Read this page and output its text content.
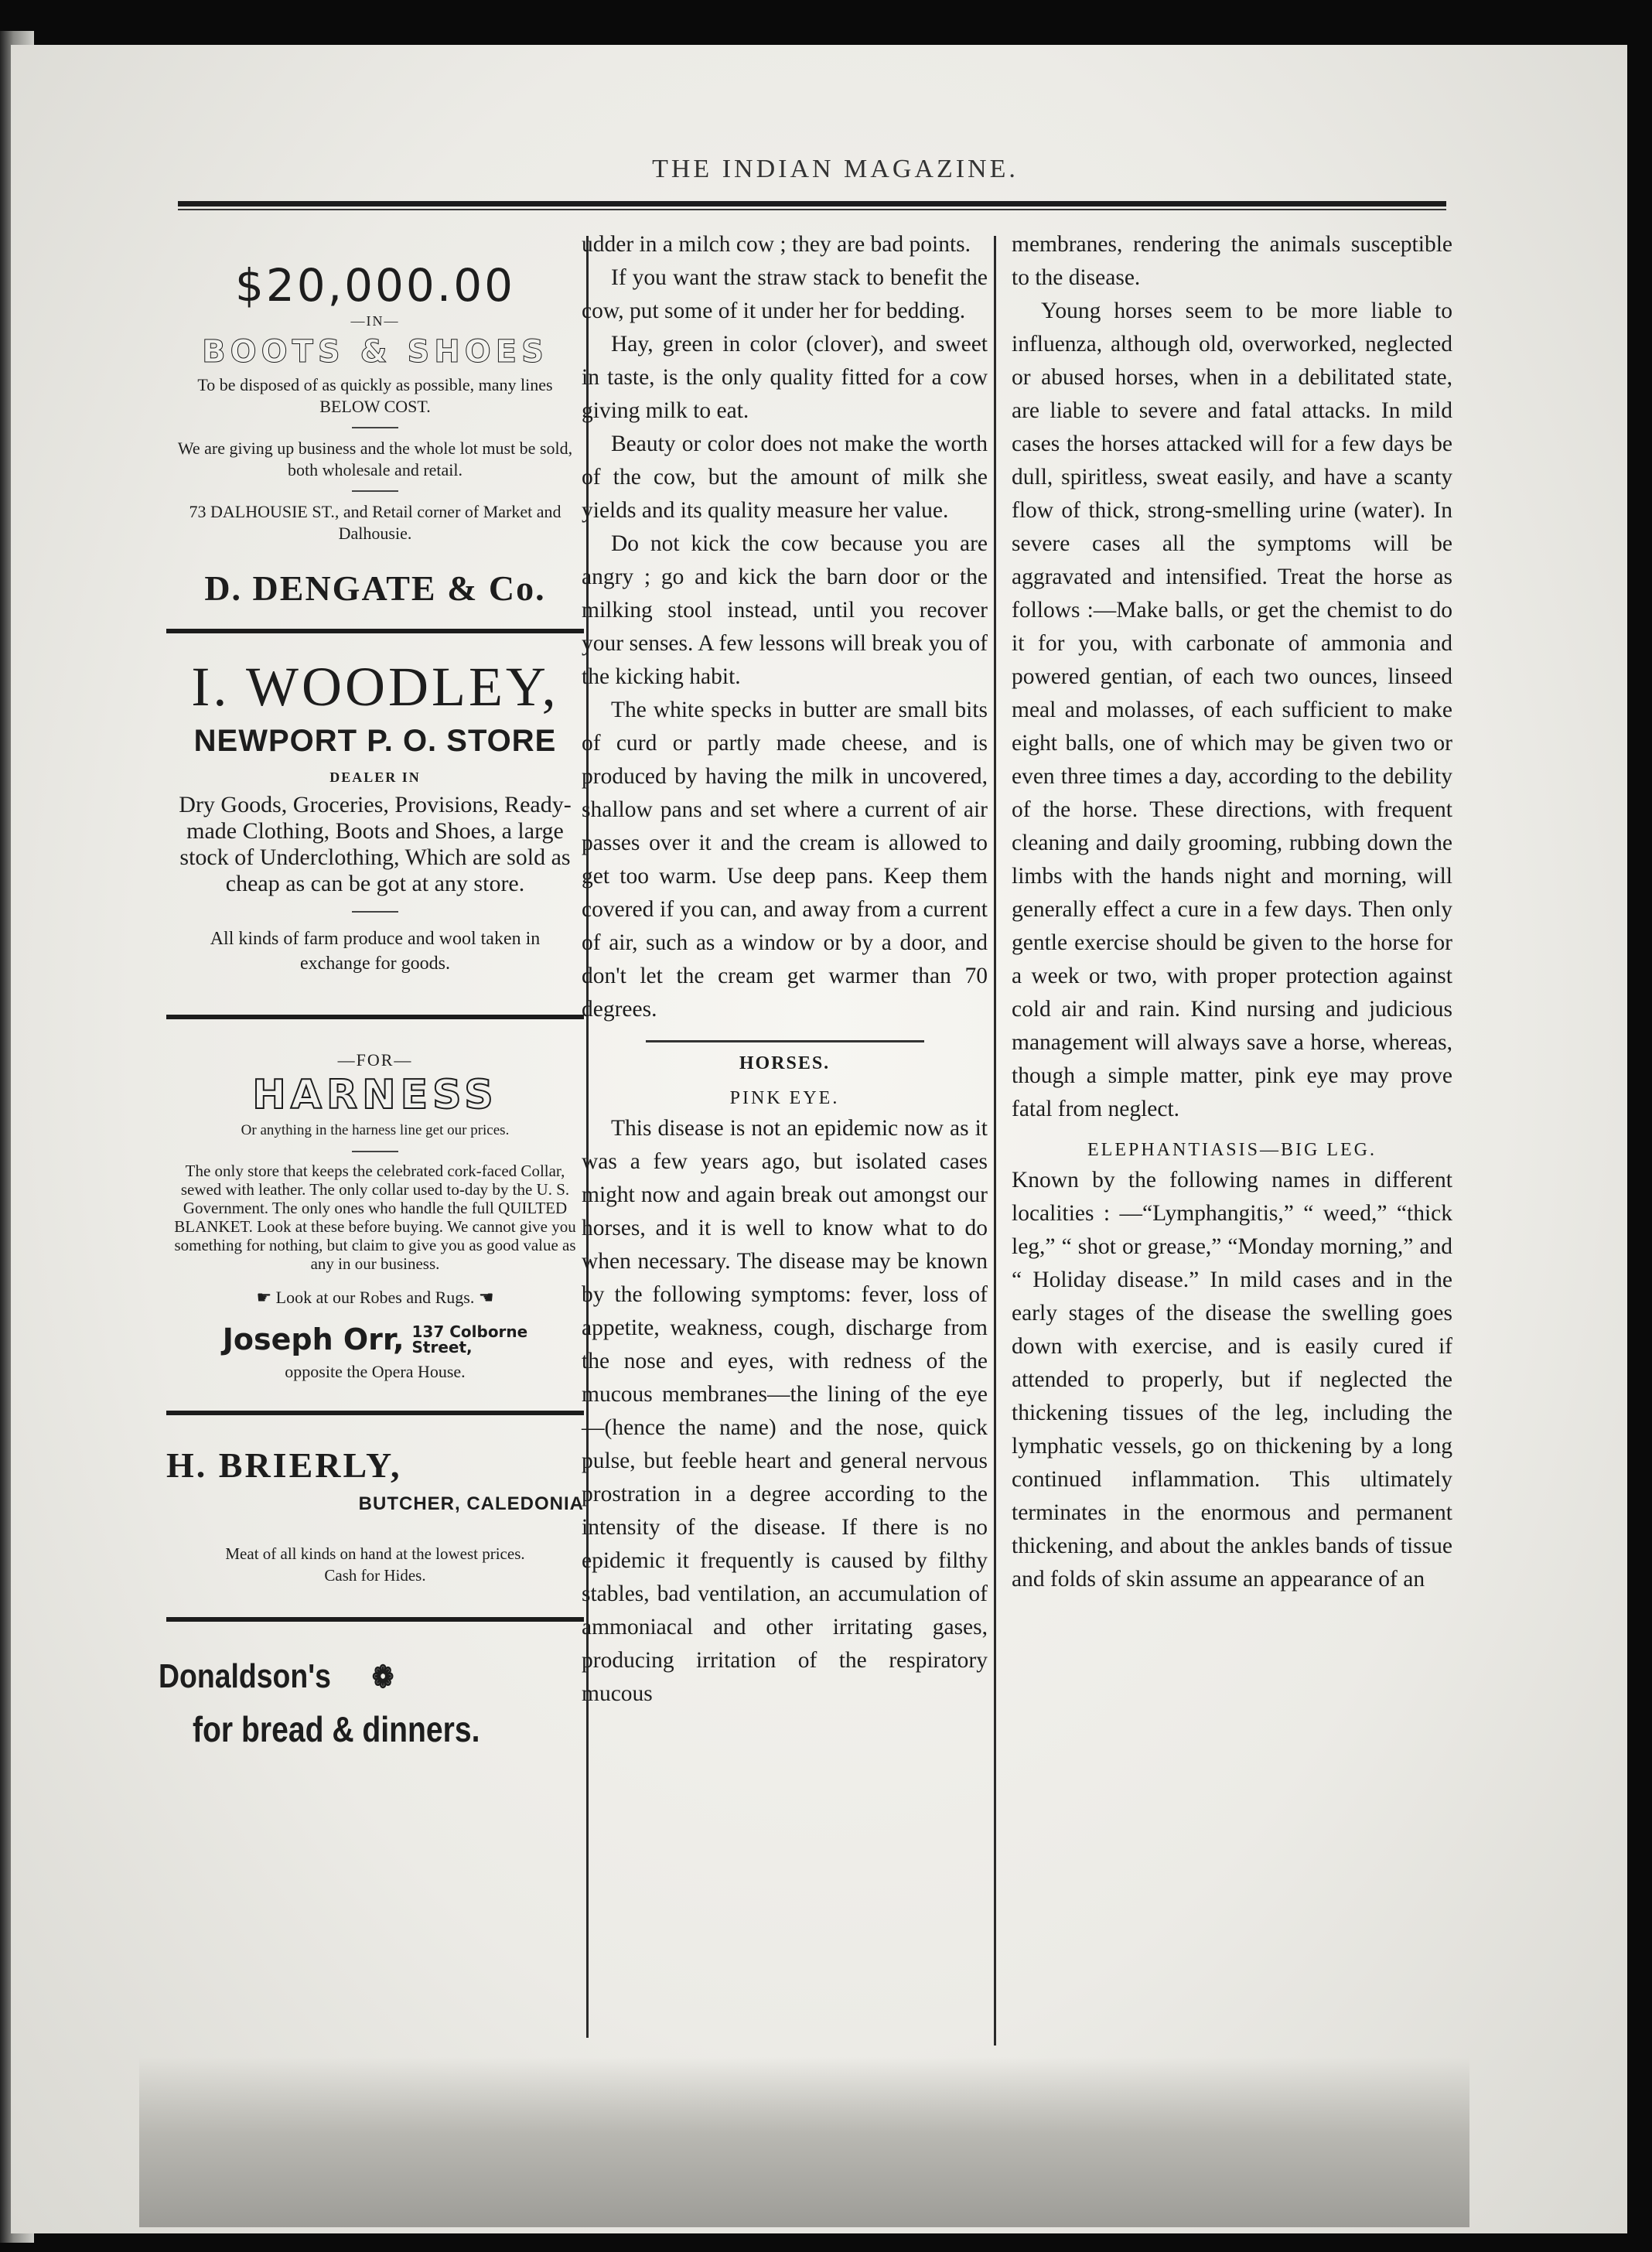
THE INDIAN MAGAZINE.
$20,000.00
—IN—
BOOTS & SHOES
To be disposed of as quickly as possible, many lines BELOW COST.
We are giving up business and the whole lot must be sold, both wholesale and retail.
73 DALHOUSIE ST., and Retail corner of Market and Dalhousie.
D. DENGATE & Co.
I. WOODLEY,
NEWPORT P. O. STORE
DEALER IN
Dry Goods, Groceries, Provisions, Ready-made Clothing, Boots and Shoes, a large stock of Underclothing, Which are sold as cheap as can be got at any store.
All kinds of farm produce and wool taken in exchange for goods.
—FOR—
HARNESS
Or anything in the harness line get our prices.
The only store that keeps the celebrated cork-faced Collar, sewed with leather. The only collar used to-day by the U. S. Government. The only ones who handle the full QUILTED BLANKET. Look at these before buying. We cannot give you something for nothing, but claim to give you as good value as any in our business.
☛ Look at our Robes and Rugs. ☚
Joseph Orr, 137 Colborne
Street,
opposite the Opera House.
H. BRIERLY,
BUTCHER, CALEDONIA
Meat of all kinds on hand at the lowest prices.
Cash for Hides.
Donaldson's ❁
for bread & dinners.

udder in a milch cow ; they are bad points.

If you want the straw stack to benefit the cow, put some of it under her for bedding.

Hay, green in color (clover), and sweet in taste, is the only quality fitted for a cow giving milk to eat.

Beauty or color does not make the worth of the cow, but the amount of milk she yields and its quality measure her value.

Do not kick the cow because you are angry ; go and kick the barn door or the milking stool instead, until you recover your senses. A few lessons will break you of the kicking habit.

The white specks in butter are small bits of curd or partly made cheese, and is produced by having the milk in uncovered, shallow pans and set where a current of air passes over it and the cream is allowed to get too warm. Use deep pans. Keep them covered if you can, and away from a current of air, such as a window or by a door, and don't let the cream get warmer than 70 degrees.

HORSES.
PINK EYE.

This disease is not an epidemic now as it was a few years ago, but isolated cases might now and again break out amongst our horses, and it is well to know what to do when necessary. The disease may be known by the following symptoms: fever, loss of appetite, weakness, cough, discharge from the nose and eyes, with redness of the mucous membranes—the lining of the eye —(hence the name) and the nose, quick pulse, but feeble heart and general nervous prostration in a degree according to the intensity of the disease. If there is no epidemic it frequently is caused by filthy stables, bad ventilation, an accumulation of ammoniacal and other irritating gases, producing irritation of the respiratory mucous

membranes, rendering the animals susceptible to the disease.

Young horses seem to be more liable to influenza, although old, overworked, neglected or abused horses, when in a debilitated state, are liable to severe and fatal attacks. In mild cases the horses attacked will for a few days be dull, spiritless, sweat easily, and have a scanty flow of thick, strong-smelling urine (water). In severe cases all the symptoms will be aggravated and intensified. Treat the horse as follows :—Make balls, or get the chemist to do it for you, with carbonate of ammonia and powered gentian, of each two ounces, linseed meal and molasses, of each sufficient to make eight balls, one of which may be given two or even three times a day, according to the debility of the horse. These directions, with frequent cleaning and daily grooming, rubbing down the limbs with the hands night and morning, will generally effect a cure in a few days. Then only gentle exercise should be given to the horse for a week or two, with proper protection against cold air and rain. Kind nursing and judicious management will always save a horse, whereas, though a simple matter, pink eye may prove fatal from neglect.

ELEPHANTIASIS—BIG LEG.

Known by the following names in different localities : —“Lymphangitis,” “ weed,” “thick leg,” “ shot or grease,” “Monday morning,” and “ Holiday disease.” In mild cases and in the early stages of the disease the swelling goes down with exercise, and is easily cured if attended to properly, but if neglected the thickening tissues of the leg, including the lymphatic vessels, go on thickening by a long continued inflammation. This ultimately terminates in the enormous and permanent thickening, and about the ankles bands of tissue and folds of skin assume an appearance of an
